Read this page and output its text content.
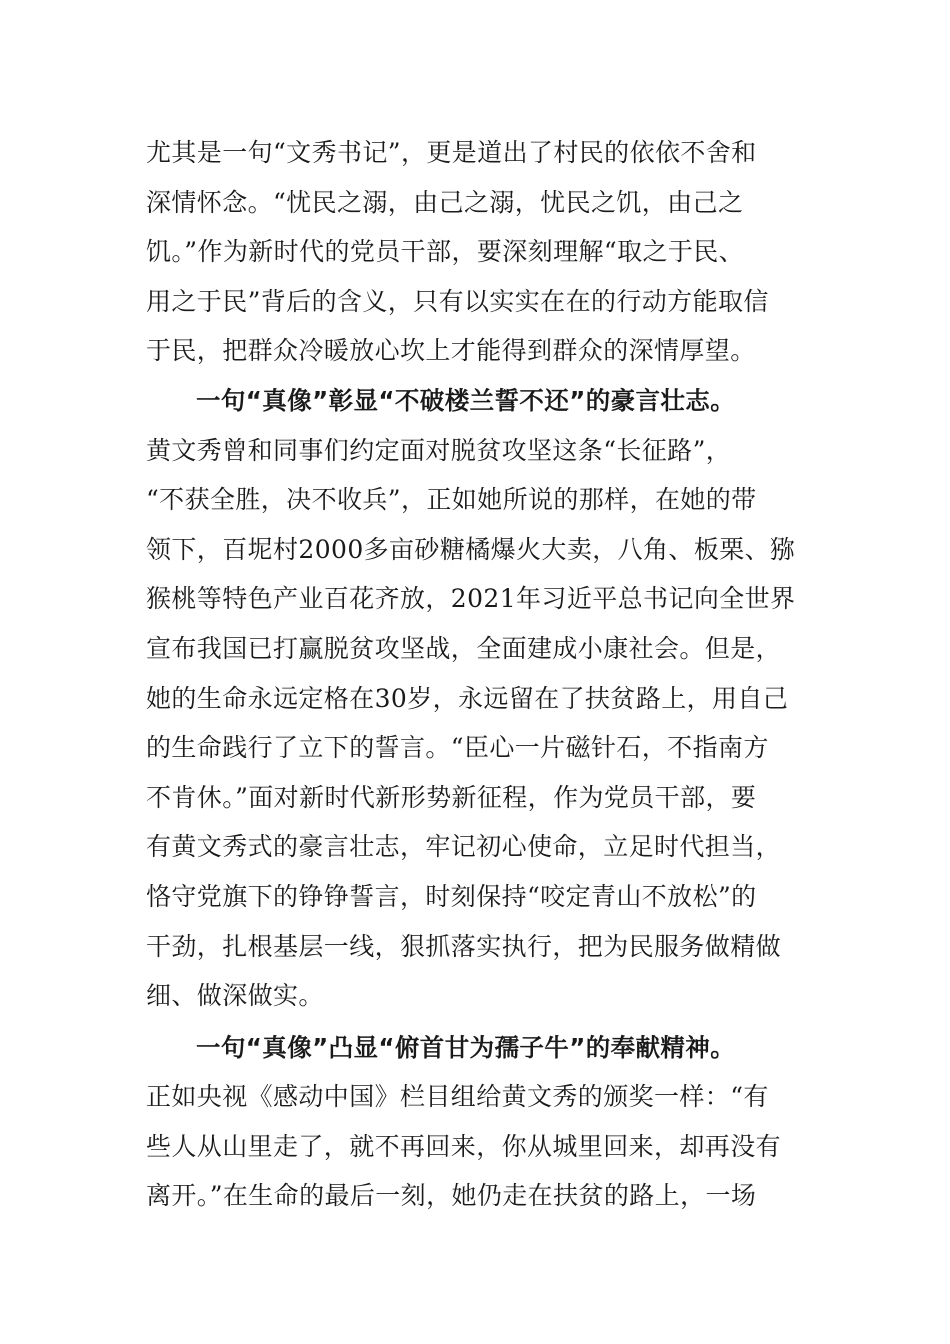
尤其是一句“文秀书记”，更是道出了村民的依依不舍和
深情怀念。“忧民之溺，由己之溺，忧民之饥，由己之
饥。”作为新时代的党员干部，要深刻理解“取之于民、
用之于民”背后的含义，只有以实实在在的行动方能取信
于民，把群众冷暖放心坎上才能得到群众的深情厚望。
一句“真像”彰显“不破楼兰誓不还”的豪言壮志。
黄文秀曾和同事们约定面对脱贫攻坚这条“长征路”，
“不获全胜，决不收兵”，正如她所说的那样，在她的带
领下，百坭村2000多亩砂糖橘爆火大卖，八角、板栗、猕
猴桃等特色产业百花齐放，2021年习近平总书记向全世界
宣布我国已打赢脱贫攻坚战，全面建成小康社会。但是，
她的生命永远定格在30岁，永远留在了扶贫路上，用自己
的生命践行了立下的誓言。“臣心一片磁针石，不指南方
不肯休。”面对新时代新形势新征程，作为党员干部，要
有黄文秀式的豪言壮志，牢记初心使命，立足时代担当，
恪守党旗下的铮铮誓言，时刻保持“咬定青山不放松”的
干劲，扎根基层一线，狠抓落实执行，把为民服务做精做
细、做深做实。
一句“真像”凸显“俯首甘为孺子牛”的奉献精神。
正如央视《感动中国》栏目组给黄文秀的颁奖一样：“有
些人从山里走了，就不再回来，你从城里回来，却再没有
离开。”在生命的最后一刻，她仍走在扶贫的路上，一场
